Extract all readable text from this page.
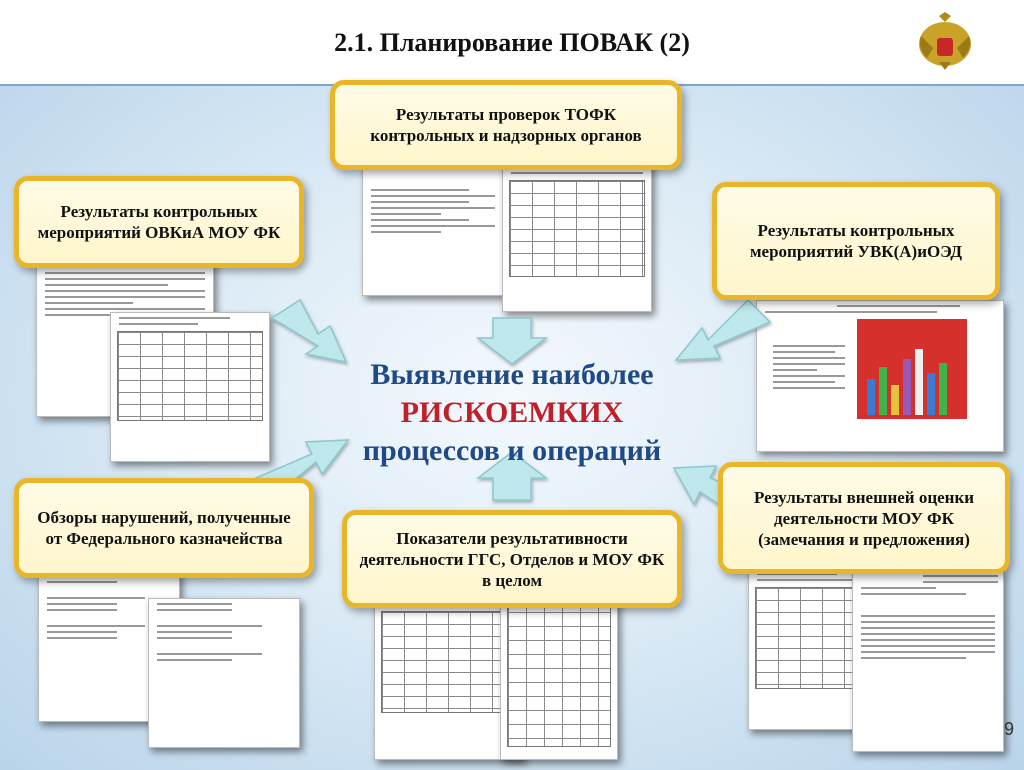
2.1. Планирование ПОВАК (2)
Результаты проверок ТОФК контрольных и надзорных органов
Результаты контрольных мероприятий ОВКиА МОУ ФК	Результаты контрольных мероприятий УВК(А)иОЭД
Обзоры нарушений, полученные от Федерального казначейства	Показатели результативности деятельности ГГС, Отделов и МОУ ФК в целом
Результаты внешней оценки деятельности МОУ ФК (замечания и предложения)
Выявление наиболее
РИСКОЕМКИХ
процессов и операций
9
